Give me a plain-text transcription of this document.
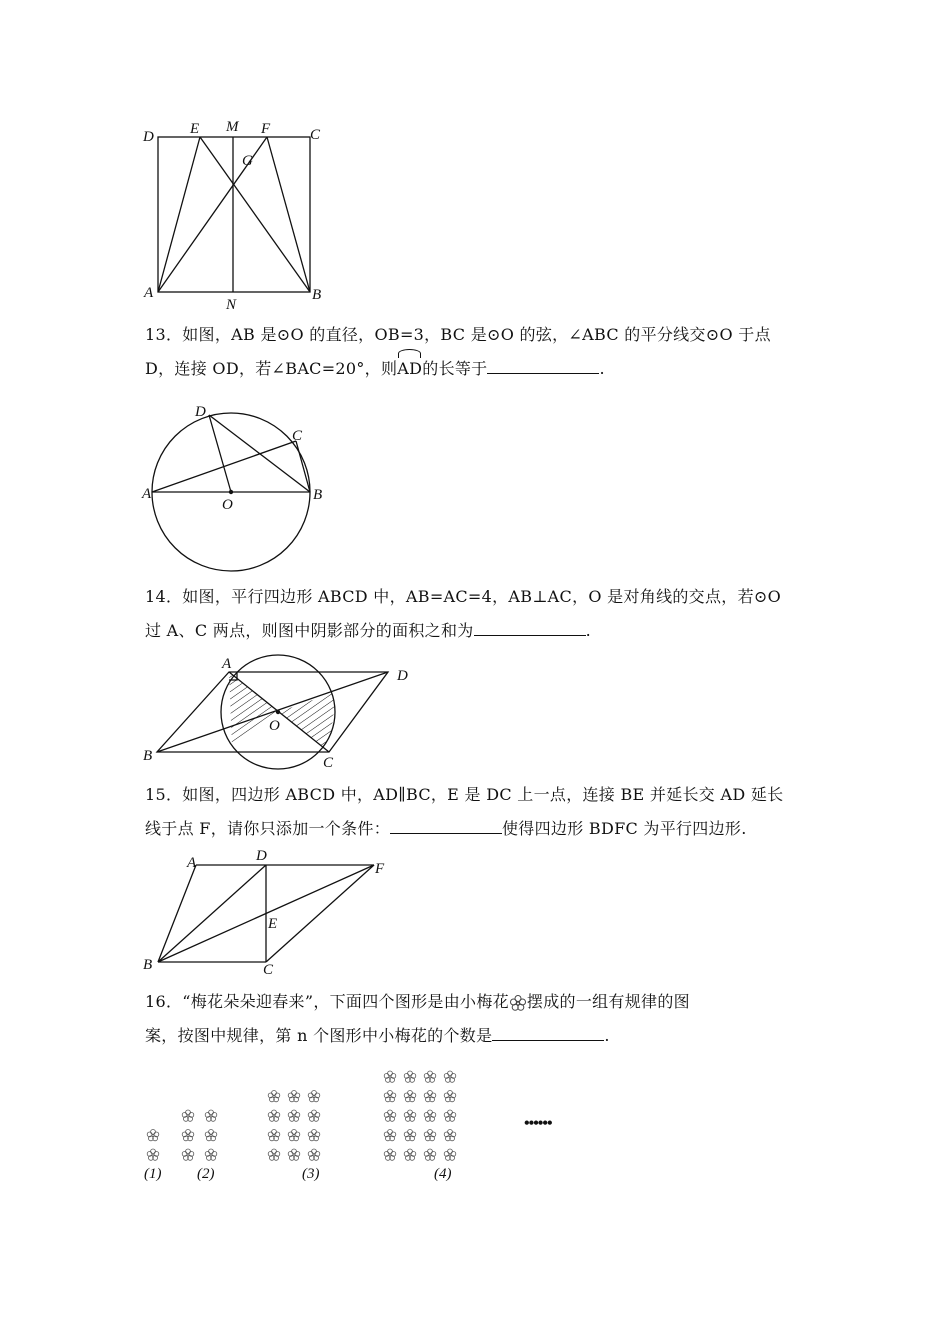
D E M F	C
G
A
N
B
13．如图，AB 是⊙O 的直径，OB=3，BC 是⊙O 的弦，∠ABC 的平分线交⊙O 于点
D，连接 OD，若∠BAC=20°，则AD的长等于	.
D
C
A
O
B
14．如图，平行四边形 ABCD 中，AB=AC=4，AB⊥AC，O 是对角线的交点，若⊙O
过 A、C 两点，则图中阴影部分的面积之和为	.
A
D
O
B	C
15．如图，四边形 ABCD 中，AD∥BC，E 是 DC 上一点，连接 BE 并延长交 AD 延长
线于点 F，请你只添加一个条件：	使得四边形 BDFC 为平行四边形.
A	D
F
E
B	C
16．“梅花朵朵迎春来”，下面四个图形是由小梅花 摆成的一组有规律的图
案，按图中规律，第 n 个图形中小梅花的个数是	.
(1) (2)	(3)	(4)
••••••
